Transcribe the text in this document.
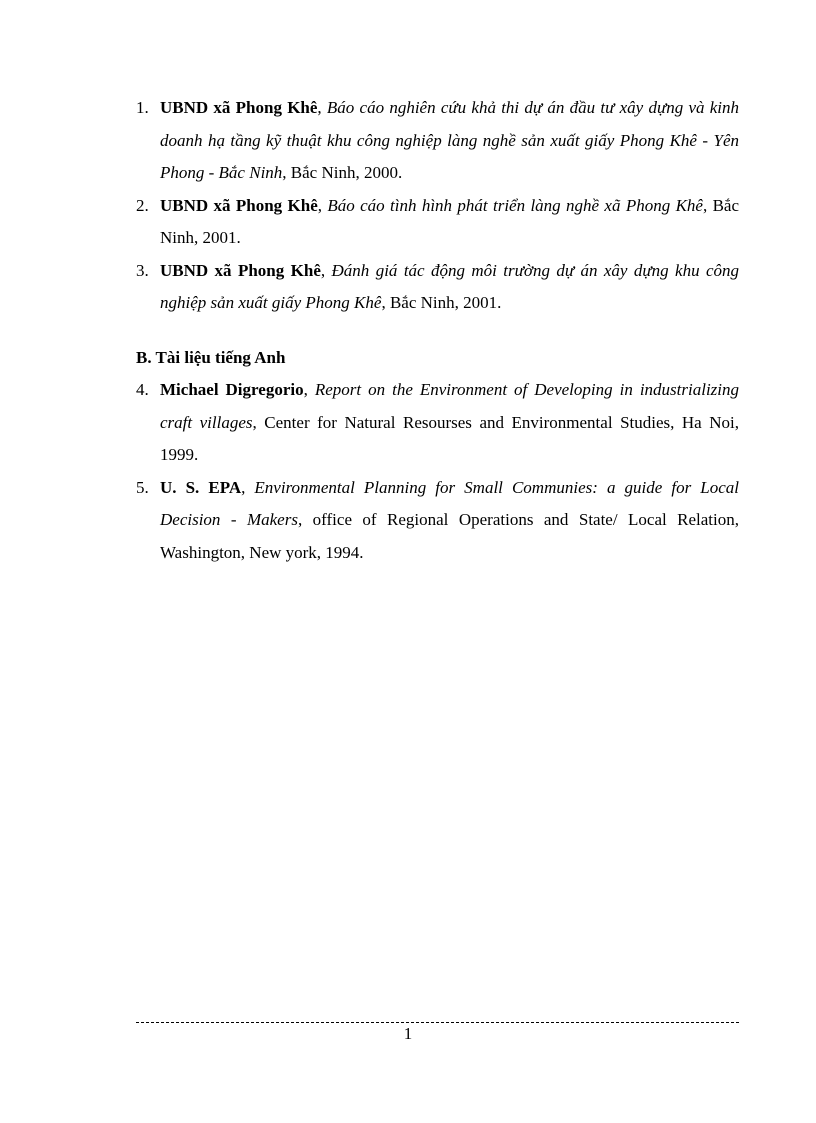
1. UBND xã Phong Khê, Báo cáo nghiên cứu khả thi dự án đầu tư xây dựng và kinh doanh hạ tầng kỹ thuật khu công nghiệp làng nghề sản xuất giấy Phong Khê - Yên Phong - Bắc Ninh, Bắc Ninh, 2000.
2. UBND xã Phong Khê, Báo cáo tình hình phát triển làng nghề xã Phong Khê, Bắc Ninh, 2001.
3. UBND xã Phong Khê, Đánh giá tác động môi trường dự án xây dựng khu công nghiệp sản xuất giấy Phong Khê, Bắc Ninh, 2001.
B. Tài liệu tiếng Anh
4. Michael Digregorio, Report on the Environment of Developing in industrializing craft villages, Center for Natural Resourses and Environmental Studies, Ha Noi, 1999.
5. U. S. EPA, Environmental Planning for Small Communies: a guide for Local Decision - Makers, office of Regional Operations and State/ Local Relation, Washington, New york, 1994.
1
